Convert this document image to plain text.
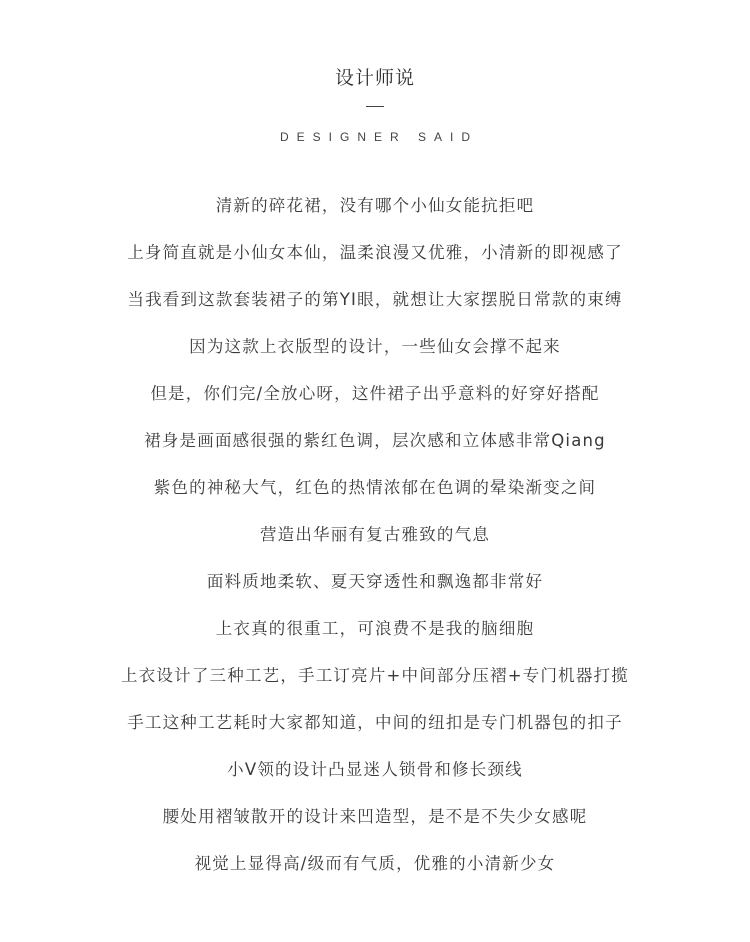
设计师说
DESIGNER SAID
清新的碎花裙，没有哪个小仙女能抗拒吧
上身简直就是小仙女本仙，温柔浪漫又优雅，小清新的即视感了
当我看到这款套装裙子的第YI眼，就想让大家摆脱日常款的束缚
因为这款上衣版型的设计，一些仙女会撑不起来
但是，你们完/全放心呀，这件裙子出乎意料的好穿好搭配
裙身是画面感很强的紫红色调，层次感和立体感非常Qiang
紫色的神秘大气，红色的热情浓郁在色调的晕染渐变之间
营造出华丽有复古雅致的气息
面料质地柔软、夏天穿透性和飘逸都非常好
上衣真的很重工，可浪费不是我的脑细胞
上衣设计了三种工艺，手工订亮片+中间部分压褶+专门机器打揽
手工这种工艺耗时大家都知道，中间的纽扣是专门机器包的扣子
小V领的设计凸显迷人锁骨和修长颈线
腰处用褶皱散开的设计来凹造型，是不是不失少女感呢
视觉上显得高/级而有气质，优雅的小清新少女
